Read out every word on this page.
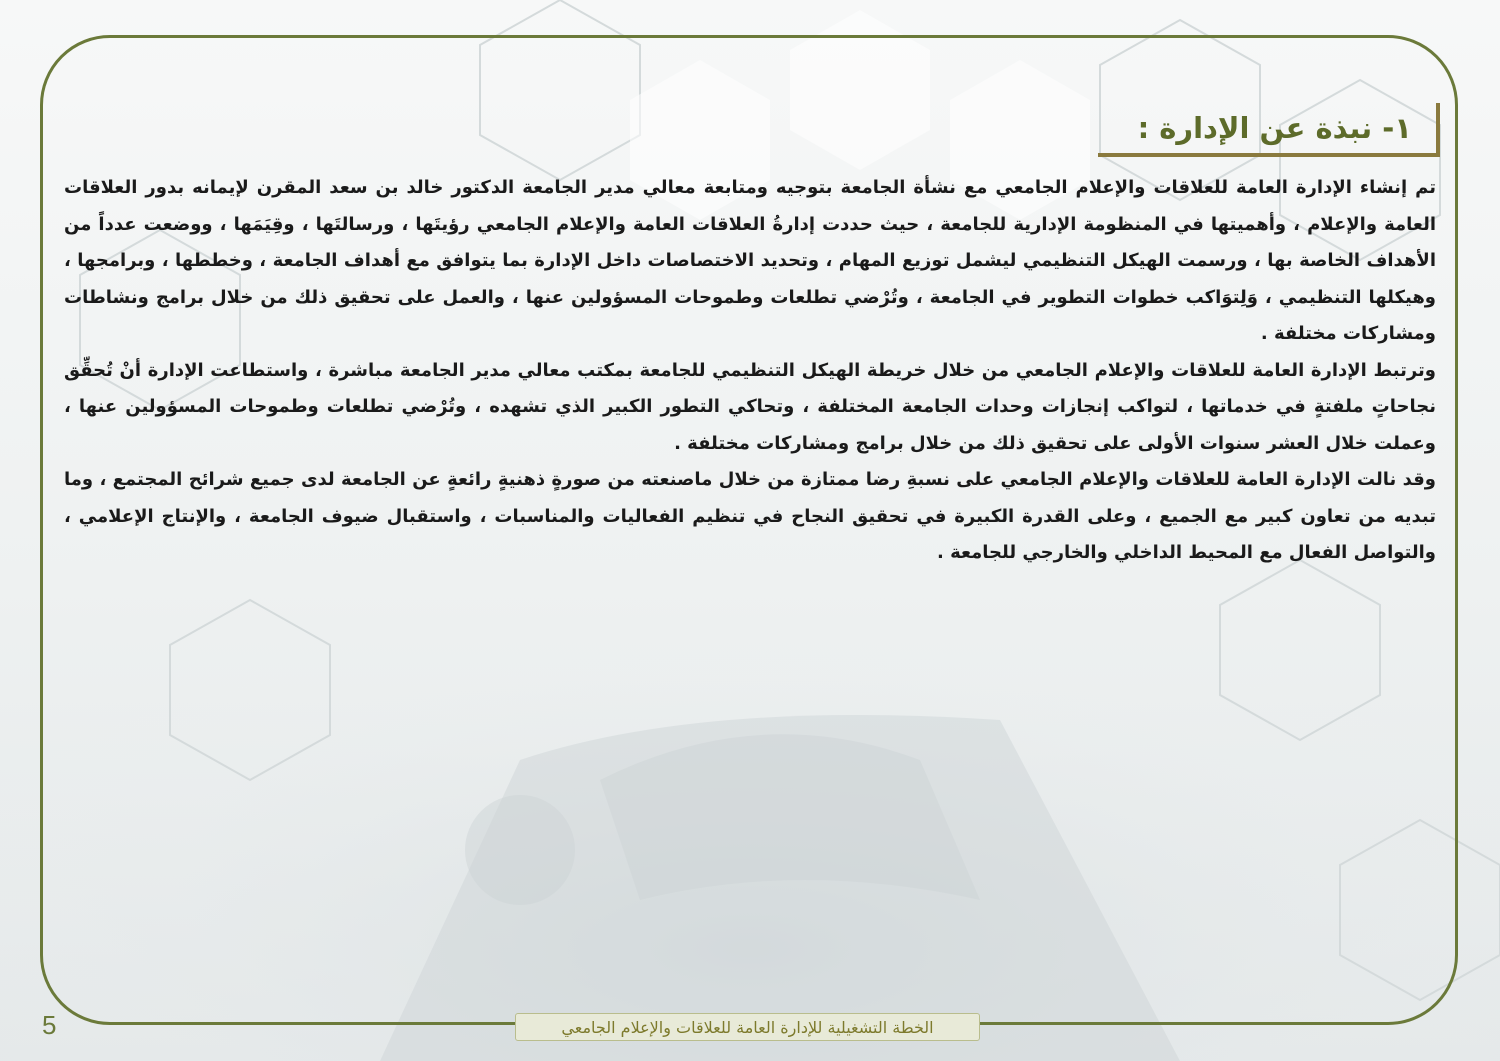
١- نبذة عن الإدارة :

تم إنشاء الإدارة العامة للعلاقات والإعلام الجامعي مع نشأة الجامعة بتوجيه ومتابعة معالي مدير الجامعة الدكتور خالد بن سعد المقرن لإيمانه بدور العلاقات العامة والإعلام ، وأهميتها في المنظومة الإدارية للجامعة ، حيث حددت إدارةُ العلاقات العامة والإعلام الجامعي رؤيتَها ، ورسالتَها ، وقِيَمَها ، ووضعت عدداً من الأهداف الخاصة بها ، ورسمت الهيكل التنظيمي ليشمل توزيع المهام ، وتحديد الاختصاصات داخل الإدارة بما يتوافق مع أهداف الجامعة ، وخططها ، وبرامجها ، وهيكلها التنظيمي ، وَلِتوَاكب خطوات التطوير في الجامعة ، وتُرْضي تطلعات وطموحات المسؤولين عنها ، والعمل على تحقيق ذلك من خلال برامج ونشاطات ومشاركات مختلفة .

وترتبط الإدارة العامة للعلاقات والإعلام الجامعي من خلال خريطة الهيكل التنظيمي للجامعة بمكتب معالي مدير الجامعة مباشرة ، واستطاعت الإدارة أنْ تُحقِّق نجاحاتٍ ملفتةٍ في خدماتها ، لتواكب إنجازات وحدات الجامعة المختلفة ، وتحاكي التطور الكبير الذي تشهده ، وتُرْضي تطلعات وطموحات المسؤولين عنها ، وعملت خلال العشر سنوات الأولى على تحقيق ذلك من خلال برامج ومشاركات مختلفة .

وقد نالت الإدارة العامة للعلاقات والإعلام الجامعي على نسبةِ رضا ممتازة من خلال ماصنعته من صورةٍ ذهنيةٍ رائعةٍ عن الجامعة لدى جميع شرائح المجتمع ، وما تبديه من تعاون كبير مع الجميع ، وعلى القدرة الكبيرة في تحقيق النجاح في تنظيم الفعاليات والمناسبات ، واستقبال ضيوف الجامعة ، والإنتاج الإعلامي ، والتواصل الفعال مع المحيط الداخلي والخارجي للجامعة .

5	الخطة التشغيلية للإدارة العامة للعلاقات والإعلام الجامعي
